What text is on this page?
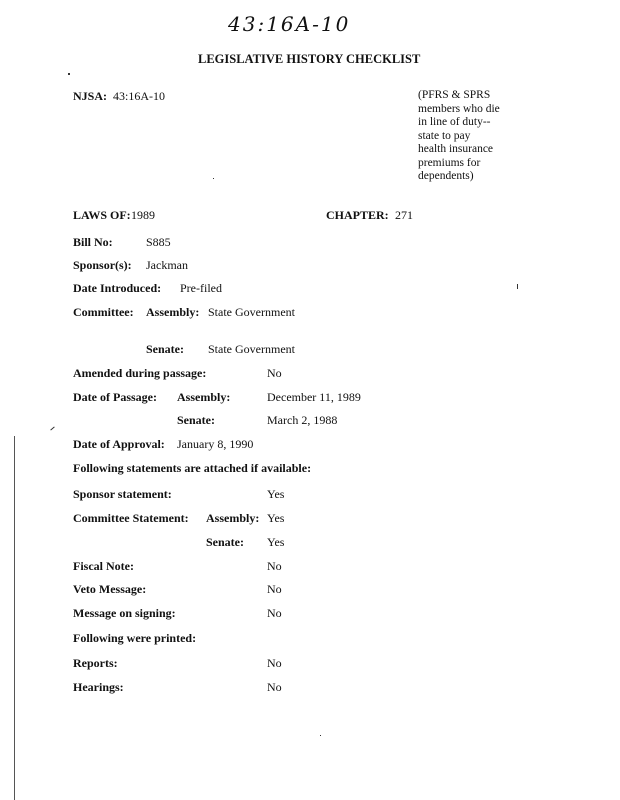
43:16A-10
LEGISLATIVE HISTORY CHECKLIST
NJSA: 43:16A-10	(PFRS & SPRS
members who die
in line of duty--
state to pay
health insurance
premiums for
dependents)
LAWS OF: 1989	CHAPTER: 271
Bill No:	S885
Sponsor(s): Jackman
Date Introduced: Pre-filed
Committee: Assembly: State Government
Senate: State Government
Amended during passage:	No
Date of Passage: Assembly:	December 11, 1989
Senate:	March 2, 1988
Date of Approval: January 8, 1990
Following statements are attached if available:
Sponsor statement:	Yes
Committee Statement: Assembly: Yes
Senate: Yes
Fiscal Note:	No
Veto Message:	No
Message on signing:	No
Following were printed:
Reports:	No
Hearings:	No
